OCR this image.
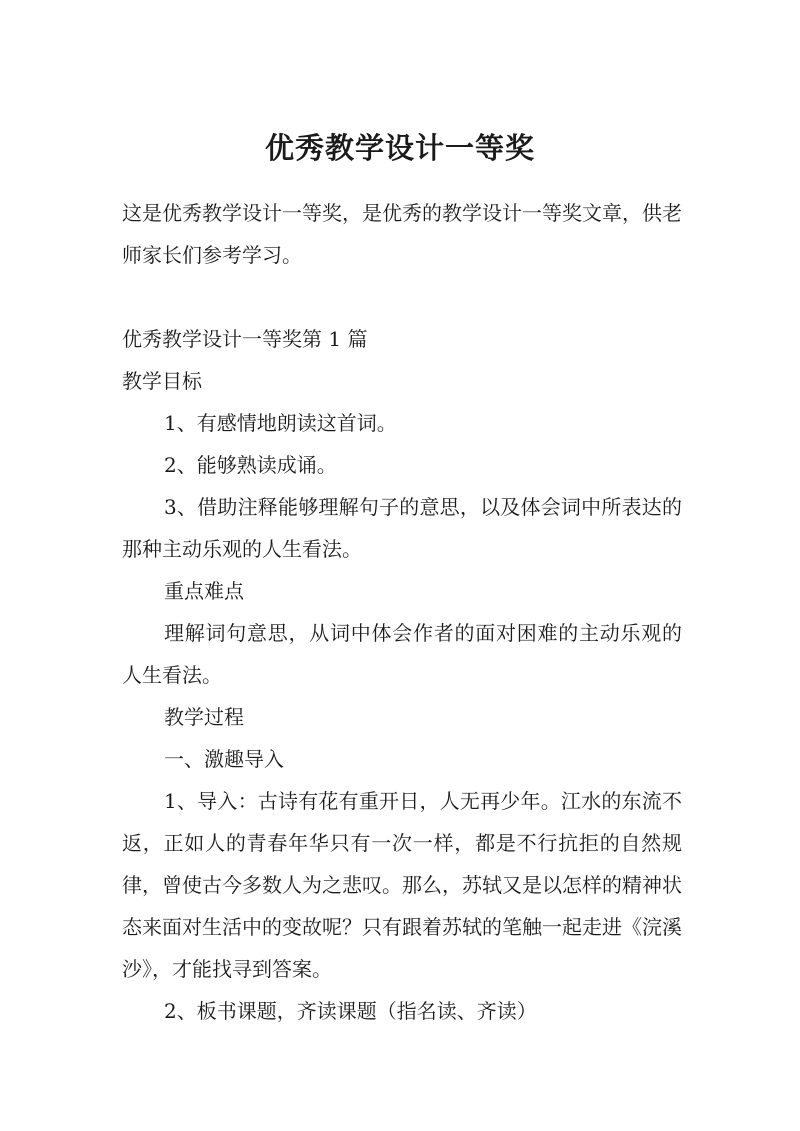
优秀教学设计一等奖

这是优秀教学设计一等奖，是优秀的教学设计一等奖文章，供老师家长们参考学习。

优秀教学设计一等奖第 1 篇

教学目标

1、有感情地朗读这首词。

2、能够熟读成诵。

3、借助注释能够理解句子的意思，以及体会词中所表达的那种主动乐观的人生看法。

重点难点

理解词句意思，从词中体会作者的面对困难的主动乐观的人生看法。

教学过程

一、激趣导入

1、导入：古诗有花有重开日，人无再少年。江水的东流不返，正如人的青春年华只有一次一样，都是不行抗拒的自然规律，曾使古今多数人为之悲叹。那么，苏轼又是以怎样的精神状态来面对生活中的变故呢？只有跟着苏轼的笔触一起走进《浣溪沙》，才能找寻到答案。

2、板书课题，齐读课题（指名读、齐读）
